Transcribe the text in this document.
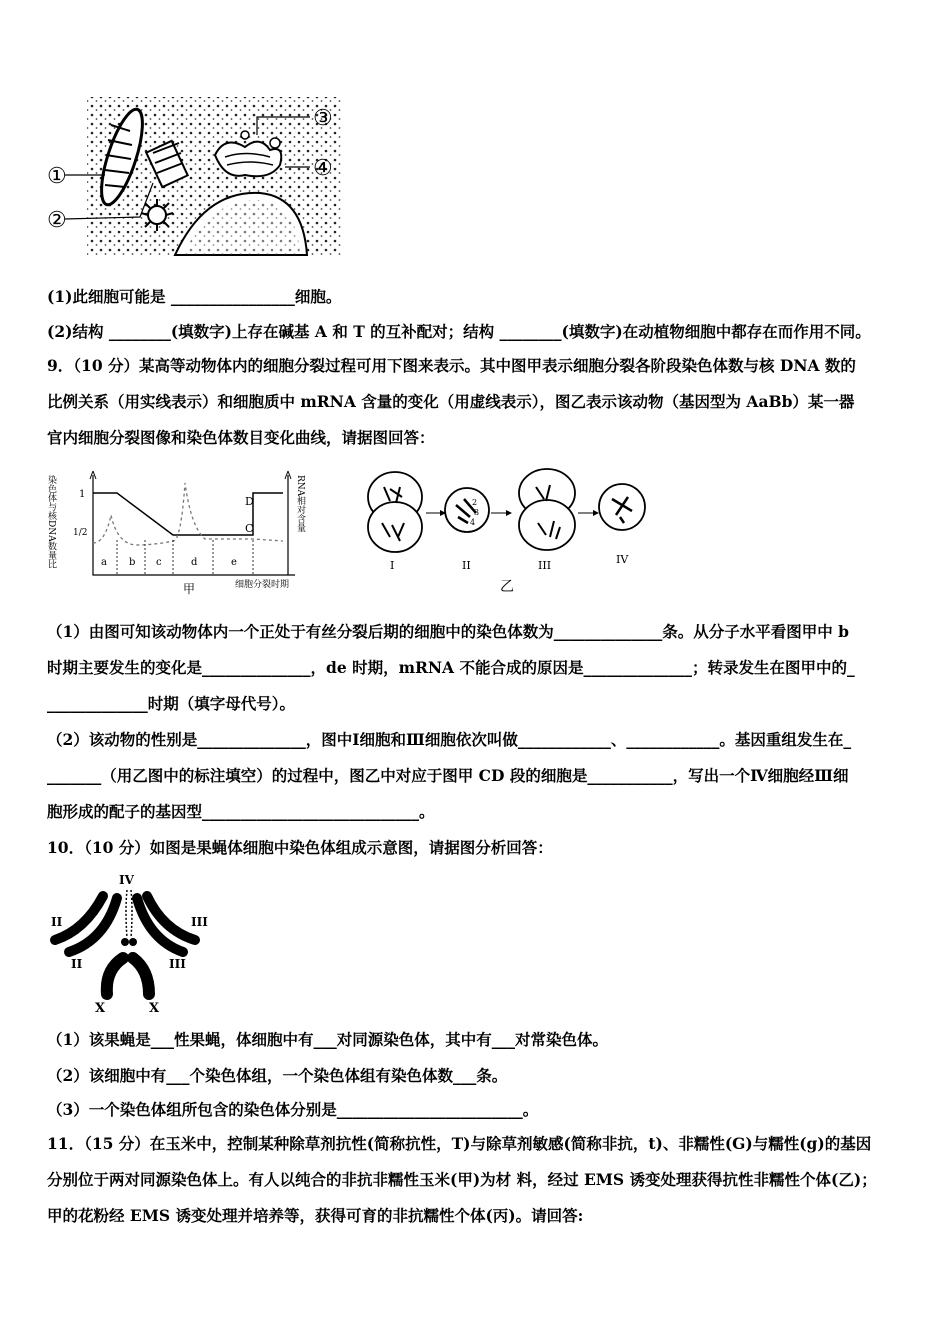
①
②
③
④
(1)此细胞可能是 ________________细胞。
(2)结构 ________(填数字)上存在碱基 A 和 T 的互补配对；结构 ________(填数字)在动植物细胞中都存在而作用不同。
9．（10 分）某高等动物体内的细胞分裂过程可用下图来表示。其中图甲表示细胞分裂各阶段染色体数与核 DNA 数的
比例关系（用实线表示）和细胞质中 mRNA 含量的变化（用虚线表示），图乙表示该动物（基因型为 AaBb）某一器
官内细胞分裂图像和染色体数目变化曲线，请据图回答：
染色体与核DNA数量比	RNA相对含量
1
1/2
a b c	d	e
D
C
甲	细胞分裂时期
2
3
4
I	II	III	IV
乙
（1）由图可知该动物体内一个正处于有丝分裂后期的细胞中的染色体数为______________条。从分子水平看图甲中 b
时期主要发生的变化是______________，de 时期，mRNA 不能合成的原因是______________；转录发生在图甲中的_
_____________时期（填字母代号）。
（2）该动物的性别是______________，图中Ⅰ细胞和Ⅲ细胞依次叫做____________、____________。基因重组发生在_
_______（用乙图中的标注填空）的过程中，图乙中对应于图甲 CD 段的细胞是___________，写出一个Ⅳ细胞经Ⅲ细
胞形成的配子的基因型____________________________。
10．（10 分）如图是果蝇体细胞中染色体组成示意图，请据图分析回答：
IV
II	III
II	III
X	X
（1）该果蝇是___性果蝇，体细胞中有___对同源染色体，其中有___对常染色体。
（2）该细胞中有___个染色体组，一个染色体组有染色体数___条。
（3）一个染色体组所包含的染色体分别是________________________。
11．（15 分）在玉米中，控制某种除草剂抗性(简称抗性，T)与除草剂敏感(简称非抗，t)、非糯性(G)与糯性(g)的基因
分别位于两对同源染色体上。有人以纯合的非抗非糯性玉米(甲)为材 料，经过 EMS 诱变处理获得抗性非糯性个体(乙)；
甲的花粉经 EMS 诱变处理并培养等，获得可育的非抗糯性个体(丙)。请回答:
